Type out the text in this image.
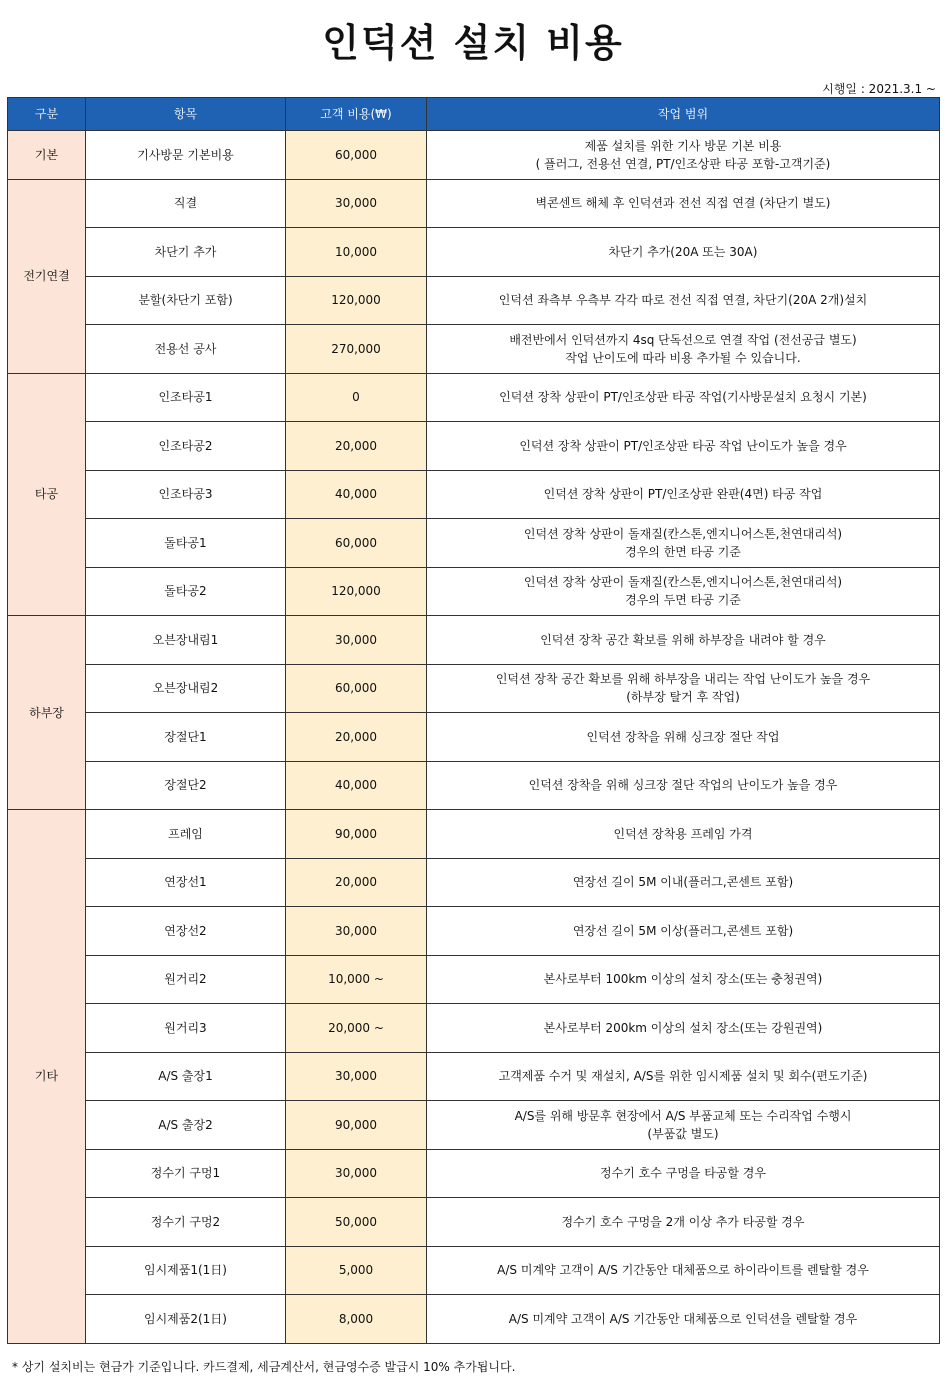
인덕션 설치 비용
시행일 : 2021.3.1 ~
구분	항목	고객 비용(₩)	작업 범위
기본	기사방문 기본비용	60,000	제품 설치를 위한 기사 방문 기본 비용
( 플러그, 전용선 연결, PT/인조상판 타공 포함-고객기준)
전기연결	직결	30,000	벽콘센트 해체 후 인덕션과 전선 직접 연결 (차단기 별도)
	차단기 추가	10,000	차단기 추가(20A 또는 30A)
	분할(차단기 포함)	120,000	인덕션 좌측부 우측부 각각 따로 전선 직접 연결, 차단기(20A 2개)설치
	전용선 공사	270,000	배전반에서 인덕션까지 4sq 단독선으로 연결 작업 (전선공급 별도)
작업 난이도에 따라 비용 추가될 수 있습니다.
타공	인조타공1	0	인덕션 장착 상판이 PT/인조상판 타공 작업(기사방문설치 요청시 기본)
	인조타공2	20,000	인덕션 장착 상판이 PT/인조상판 타공 작업 난이도가 높을 경우
	인조타공3	40,000	인덕션 장착 상판이 PT/인조상판 완판(4면) 타공 작업
	돌타공1	60,000	인덕션 장착 상판이 돌재질(칸스톤,엔지니어스톤,천연대리석)
경우의 한면 타공 기준
	돌타공2	120,000	인덕션 장착 상판이 돌재질(칸스톤,엔지니어스톤,천연대리석)
경우의 두면 타공 기준
하부장	오븐장내림1	30,000	인덕션 장착 공간 확보를 위해 하부장을 내려야 할 경우
	오븐장내림2	60,000	인덕션 장착 공간 확보를 위해 하부장을 내리는 작업 난이도가 높을 경우
(하부장 탈거 후 작업)
	장절단1	20,000	인덕션 장착을 위해 싱크장 절단 작업
	장절단2	40,000	인덕션 장착을 위해 싱크장 절단 작업의 난이도가 높을 경우
기타	프레임	90,000	인덕션 장착용 프레임 가격
	연장선1	20,000	연장선 길이 5M 이내(플러그,콘센트 포함)
	연장선2	30,000	연장선 길이 5M 이상(플러그,콘센트 포함)
	원거리2	10,000 ~	본사로부터 100km 이상의 설치 장소(또는 충청권역)
	원거리3	20,000 ~	본사로부터 200km 이상의 설치 장소(또는 강원권역)
	A/S 출장1	30,000	고객제품 수거 및 재설치, A/S를 위한 임시제품 설치 및 회수(편도기준)
	A/S 출장2	90,000	A/S를 위해 방문후 현장에서 A/S 부품교체 또는 수리작업 수행시
(부품값 별도)
	정수기 구멍1	30,000	정수기 호수 구멍을 타공할 경우
	정수기 구멍2	50,000	정수기 호수 구멍을 2개 이상 추가 타공할 경우
	임시제품1(1日)	5,000	A/S 미계약 고객이 A/S 기간동안 대체품으로 하이라이트를 렌탈할 경우
	임시제품2(1日)	8,000	A/S 미계약 고객이 A/S 기간동안 대체품으로 인덕션을 렌탈할 경우
* 상기 설치비는 현금가 기준입니다. 카드결제, 세금계산서, 현금영수증 발급시 10% 추가됩니다.
